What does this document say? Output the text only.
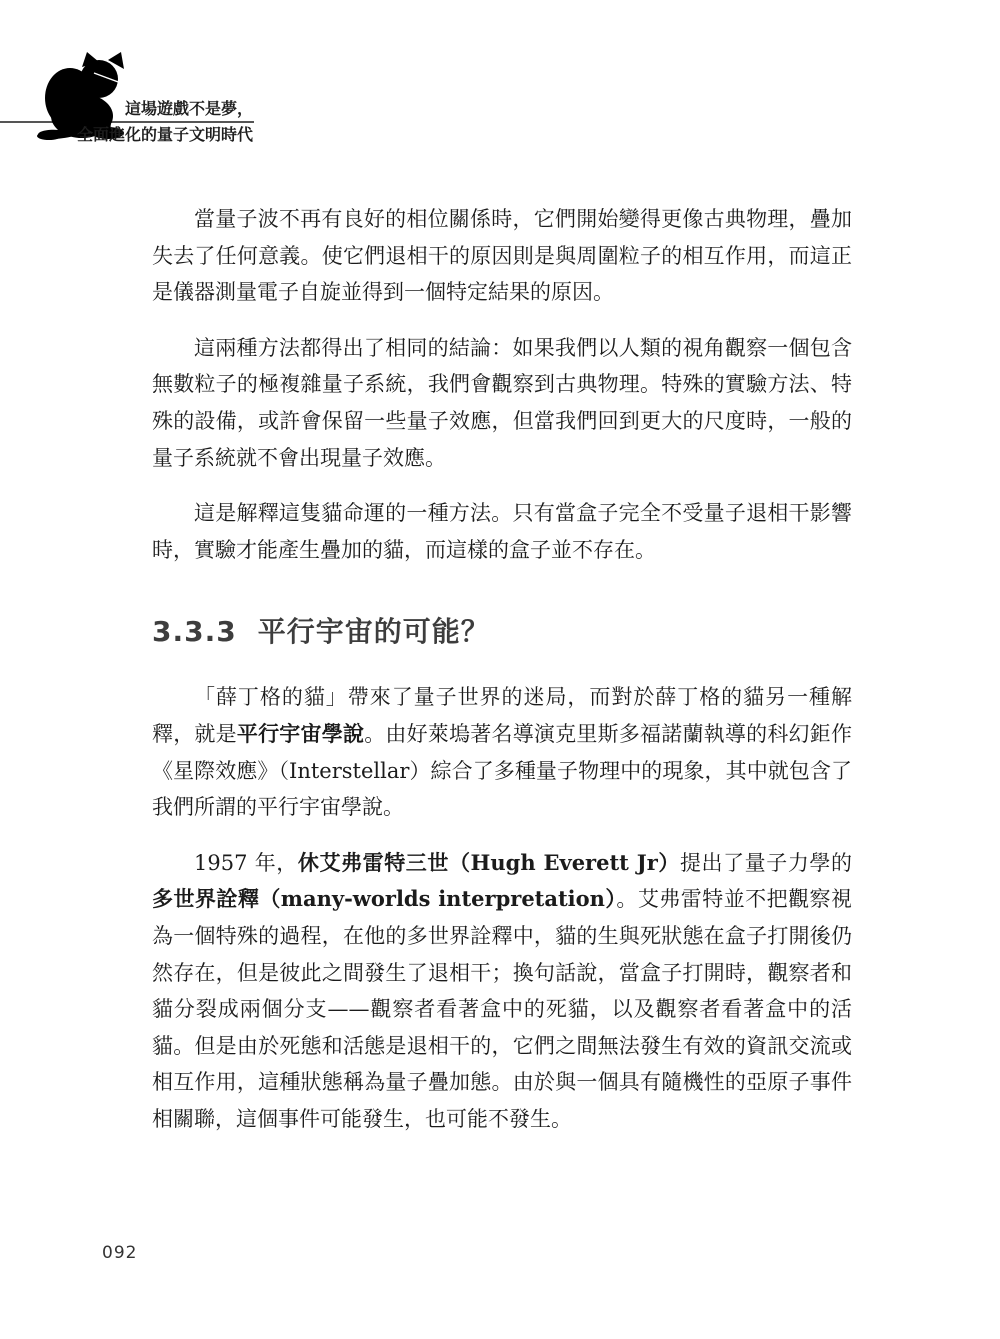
這場遊戲不是夢，
全面進化的量子文明時代

當量子波不再有良好的相位關係時，它們開始變得更像古典物理，疊加失去了任何意義。使它們退相干的原因則是與周圍粒子的相互作用，而這正是儀器測量電子自旋並得到一個特定結果的原因。

這兩種方法都得出了相同的結論：如果我們以人類的視角觀察一個包含無數粒子的極複雜量子系統，我們會觀察到古典物理。特殊的實驗方法、特殊的設備，或許會保留一些量子效應，但當我們回到更大的尺度時，一般的量子系統就不會出現量子效應。

這是解釋這隻貓命運的一種方法。只有當盒子完全不受量子退相干影響時，實驗才能產生疊加的貓，而這樣的盒子並不存在。

3.3.3 平行宇宙的可能？

「薛丁格的貓」帶來了量子世界的迷局，而對於薛丁格的貓另一種解釋，就是平行宇宙學說。由好萊塢著名導演克里斯多福諾蘭執導的科幻鉅作《星際效應》（Interstellar）綜合了多種量子物理中的現象，其中就包含了我們所謂的平行宇宙學說。

1957 年，休艾弗雷特三世（Hugh Everett Jr）提出了量子力學的多世界詮釋（many-worlds interpretation）。艾弗雷特並不把觀察視為一個特殊的過程，在他的多世界詮釋中，貓的生與死狀態在盒子打開後仍然存在，但是彼此之間發生了退相干；換句話說，當盒子打開時，觀察者和貓分裂成兩個分支——觀察者看著盒中的死貓，以及觀察者看著盒中的活貓。但是由於死態和活態是退相干的，它們之間無法發生有效的資訊交流或相互作用，這種狀態稱為量子疊加態。由於與一個具有隨機性的亞原子事件相關聯，這個事件可能發生，也可能不發生。

092
